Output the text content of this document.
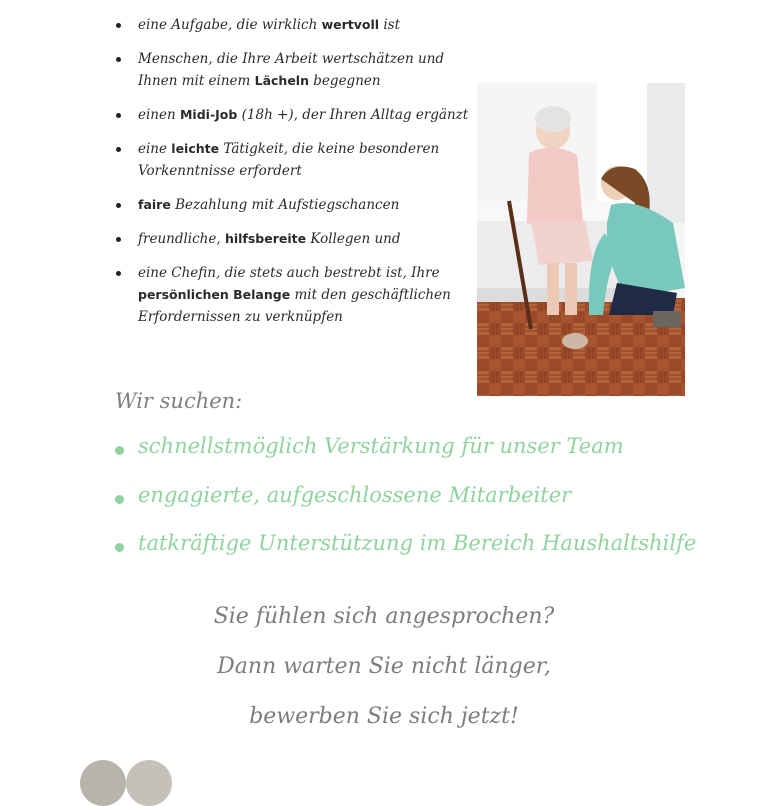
eine Aufgabe, die wirklich wertvoll ist
Menschen, die Ihre Arbeit wertschätzen und Ihnen mit einem Lächeln begegnen
einen Midi-Job (18h +), der Ihren Alltag ergänzt
eine leichte Tätigkeit, die keine besonderen Vorkenntnisse erfordert
faire Bezahlung mit Aufstiegschancen
freundliche, hilfsbereite Kollegen und
eine Chefin, die stets auch bestrebt ist, Ihre persönlichen Belange mit den geschäftlichen Erfordernissen zu verknüpfen
Wir suchen:
schnellstmöglich Verstärkung für unser Team
engagierte, aufgeschlossene Mitarbeiter
tatkräftige Unterstützung im Bereich Haushaltshilfe
Sie fühlen sich angesprochen?
Dann warten Sie nicht länger,
bewerben Sie sich jetzt!
